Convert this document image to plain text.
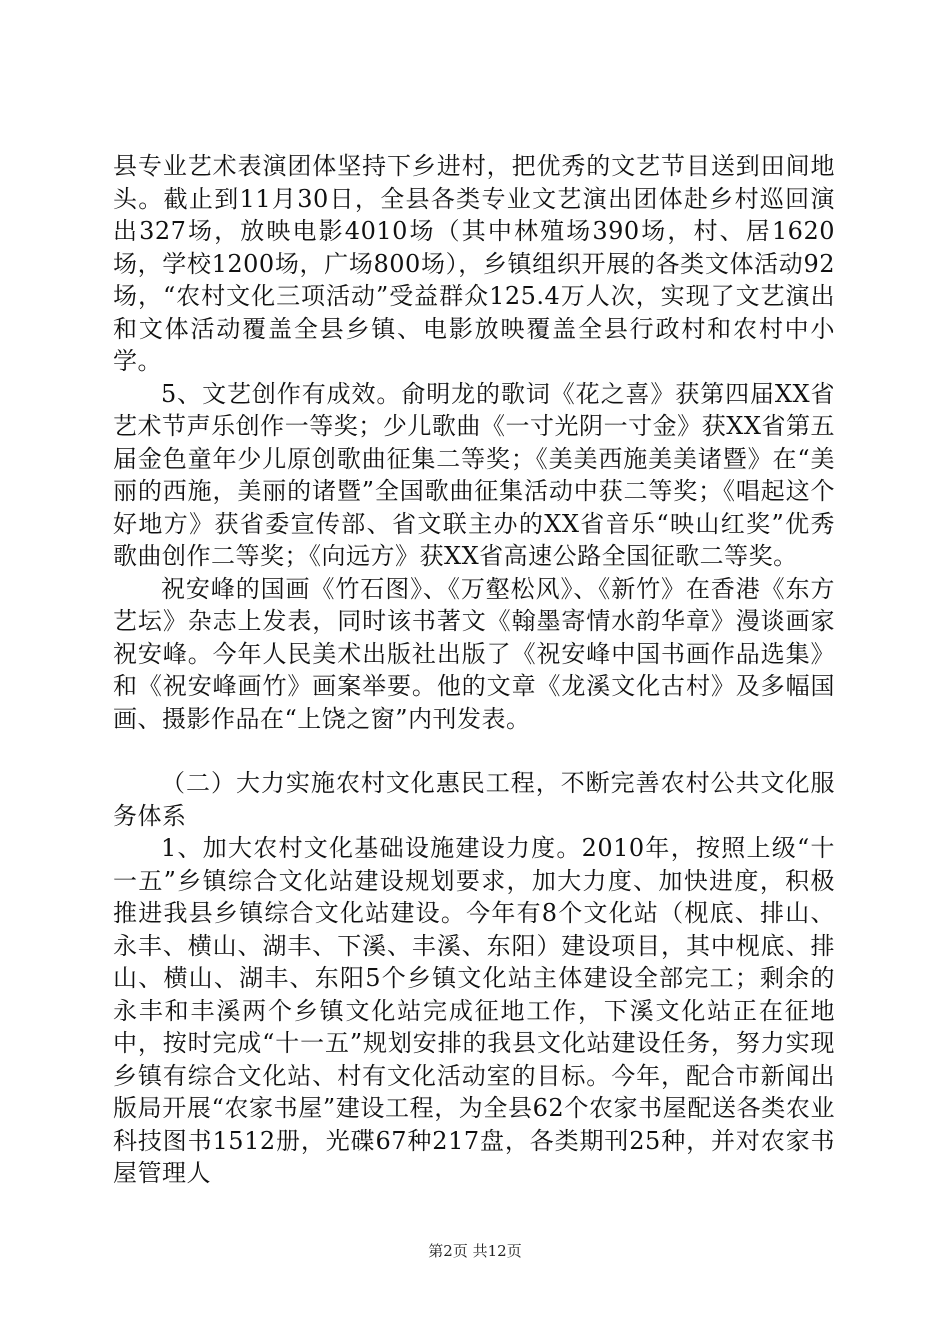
县专业艺术表演团体坚持下乡进村，把优秀的文艺节目送到田间地头。截止到11月30日，全县各类专业文艺演出团体赴乡村巡回演出327场，放映电影4010场（其中林殖场390场，村、居1620场，学校1200场，广场800场），乡镇组织开展的各类文体活动92场，“农村文化三项活动”受益群众125.4万人次，实现了文艺演出和文体活动覆盖全县乡镇、电影放映覆盖全县行政村和农村中小学。

5、文艺创作有成效。俞明龙的歌词《花之喜》获第四届XX省艺术节声乐创作一等奖；少儿歌曲《一寸光阴一寸金》获XX省第五届金色童年少儿原创歌曲征集二等奖；《美美西施美美诸暨》在“美丽的西施，美丽的诸暨”全国歌曲征集活动中获二等奖；《唱起这个好地方》获省委宣传部、省文联主办的XX省音乐“映山红奖”优秀歌曲创作二等奖；《向远方》获XX省高速公路全国征歌二等奖。

祝安峰的国画《竹石图》、《万壑松风》、《新竹》在香港《东方艺坛》杂志上发表，同时该书著文《翰墨寄情水韵华章》漫谈画家祝安峰。今年人民美术出版社出版了《祝安峰中国书画作品选集》和《祝安峰画竹》画案举要。他的文章《龙溪文化古村》及多幅国画、摄影作品在“上饶之窗”内刊发表。

（二）大力实施农村文化惠民工程，不断完善农村公共文化服务体系

1、加大农村文化基础设施建设力度。2010年，按照上级“十一五”乡镇综合文化站建设规划要求，加大力度、加快进度，积极推进我县乡镇综合文化站建设。今年有8个文化站（枧底、排山、永丰、横山、湖丰、下溪、丰溪、东阳）建设项目，其中枧底、排山、横山、湖丰、东阳5个乡镇文化站主体建设全部完工；剩余的永丰和丰溪两个乡镇文化站完成征地工作，下溪文化站正在征地中，按时完成“十一五”规划安排的我县文化站建设任务，努力实现乡镇有综合文化站、村有文化活动室的目标。今年，配合市新闻出版局开展“农家书屋”建设工程，为全县62个农家书屋配送各类农业科技图书1512册，光碟67种217盘，各类期刊25种，并对农家书屋管理人

第2页 共12页
